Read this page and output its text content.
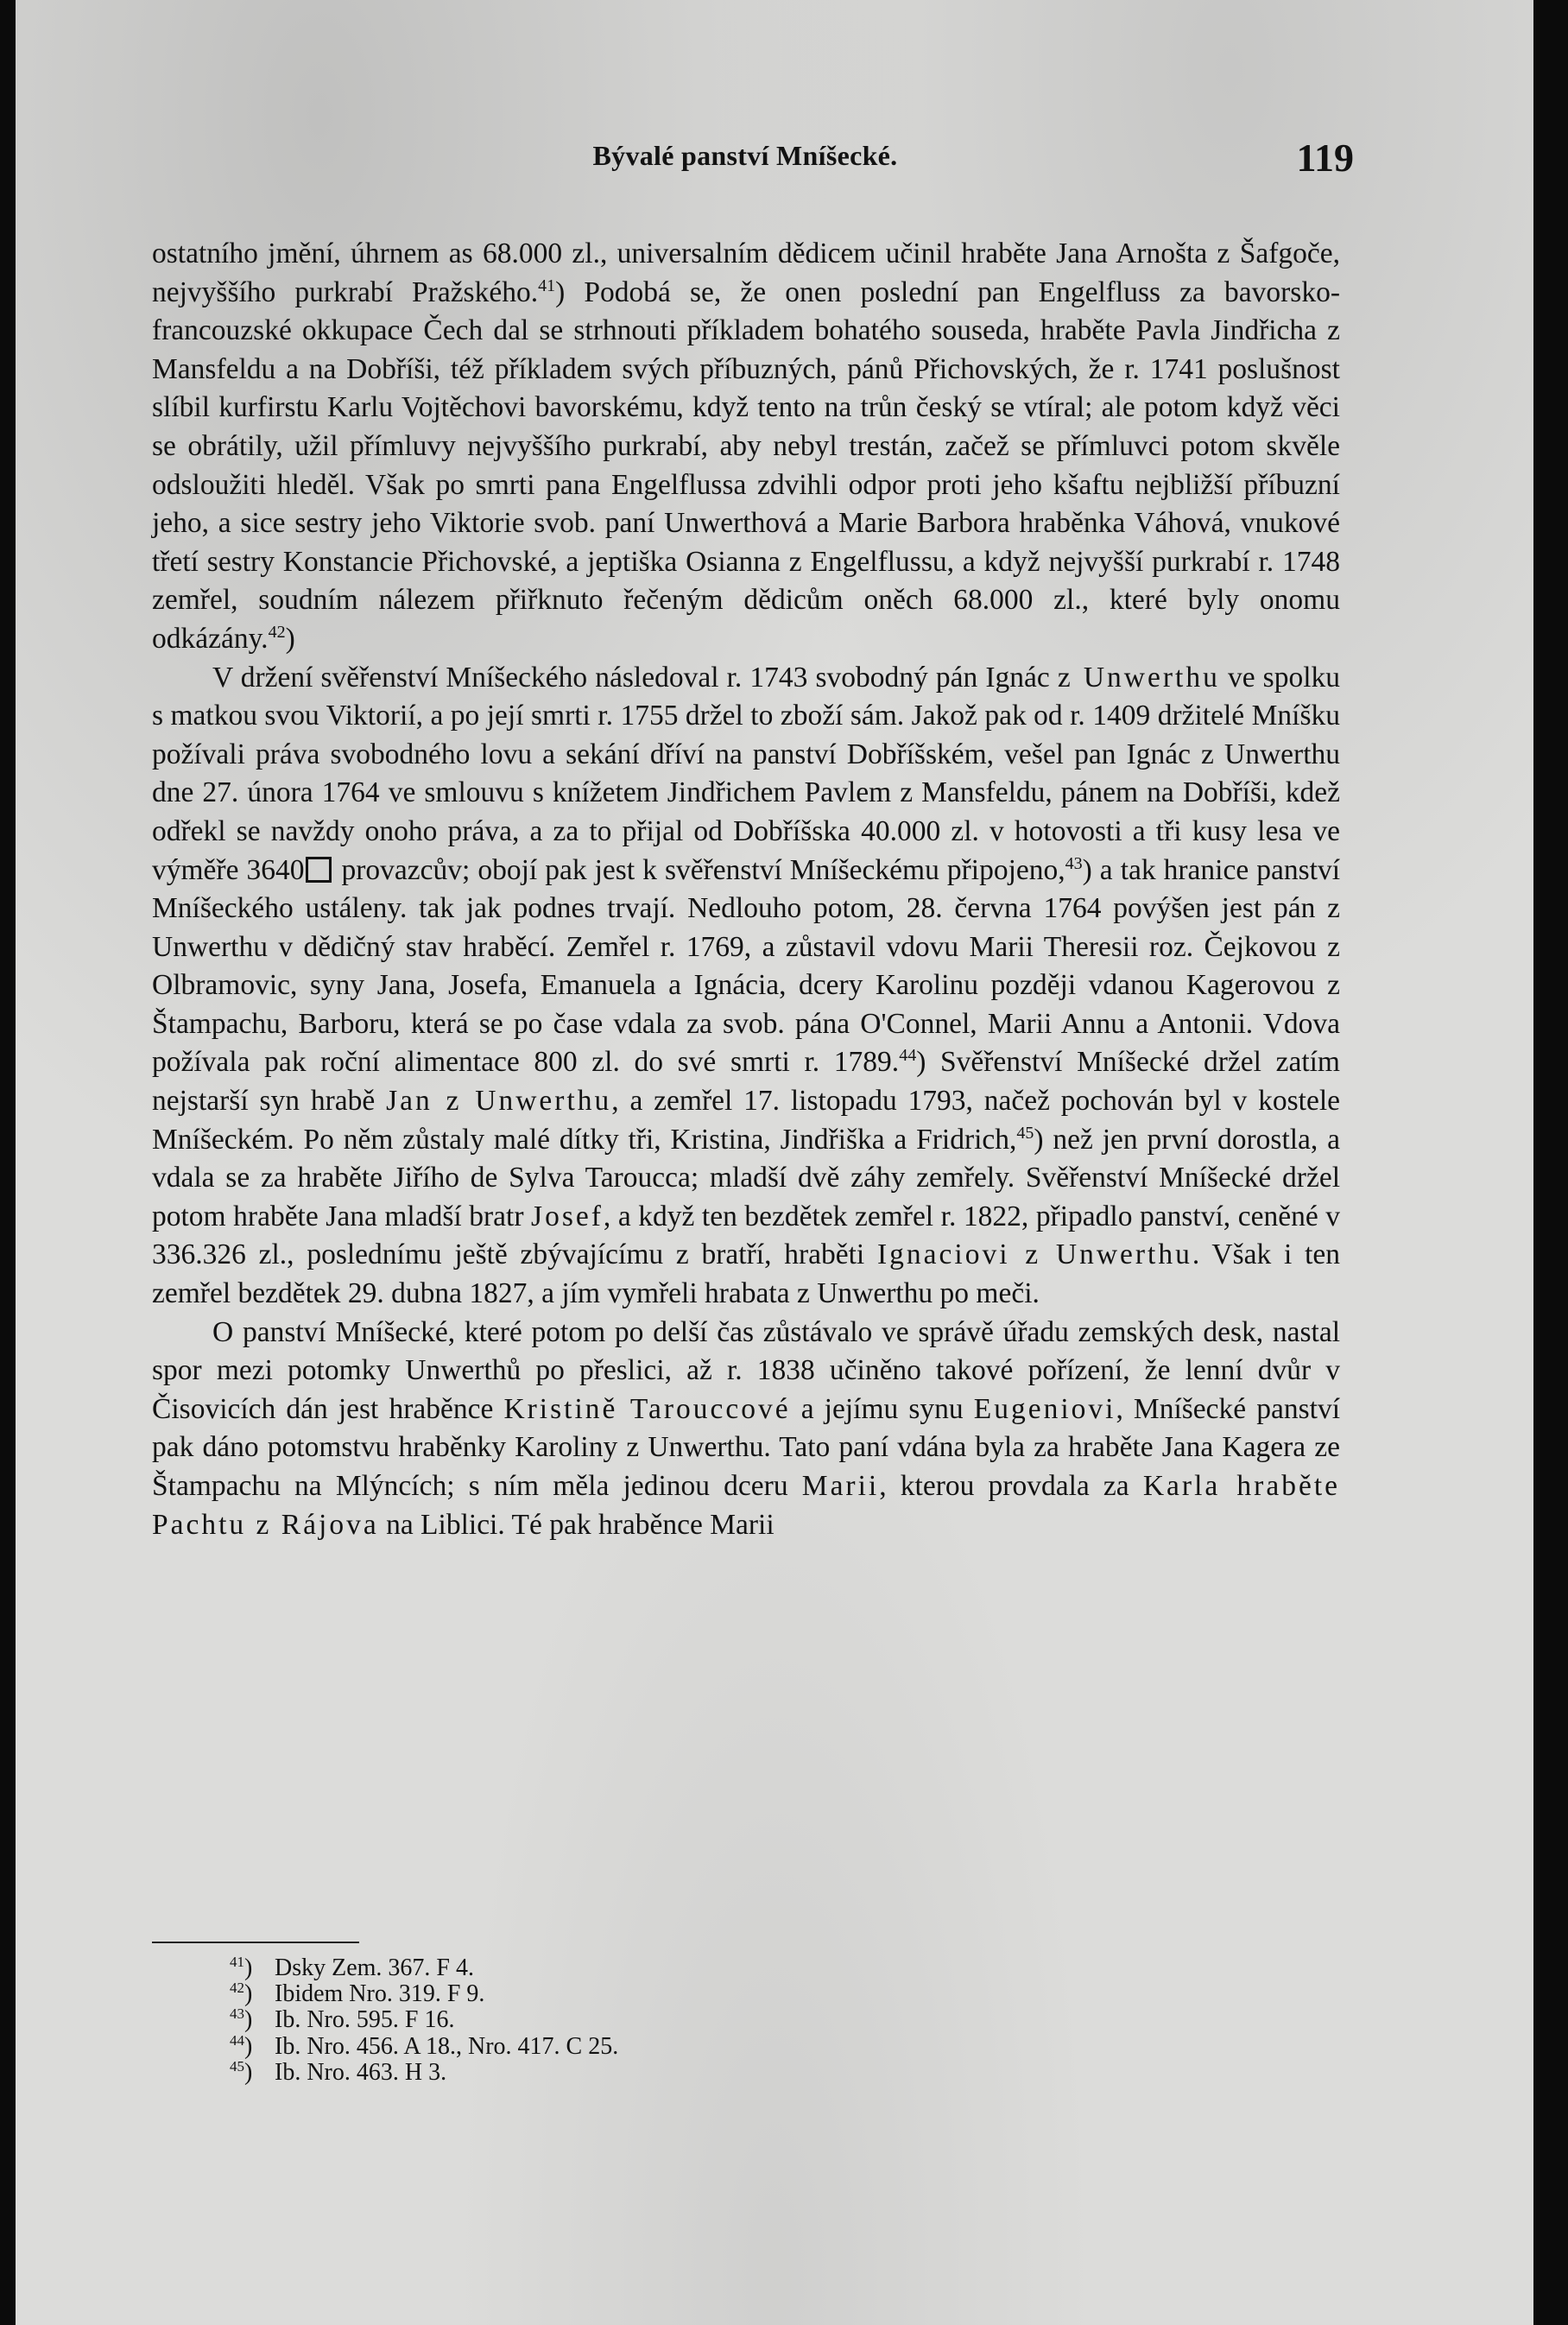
Bývalé panství Mníšecké.	119

ostatního jmění, úhrnem as 68.000 zl., universalním dědicem učinil hraběte Jana Arnošta z Šafgoče, nejvyššího purkrabí Pražského.$^{41}$) Podobá se, že onen poslední pan Engelfluss za bavorsko-francouzské okkupace Čech dal se strhnouti příkladem bohatého souseda, hraběte Pavla Jindřicha z Mansfeldu a na Dobříši, též příkladem svých příbuzných, pánů Přichovských, že r. 1741 poslušnost slíbil kurfirstu Karlu Vojtěchovi bavorskému, když tento na trůn český se vtíral; ale potom když věci se obrátily, užil přímluvy nejvyššího purkrabí, aby nebyl trestán, začež se přímluvci potom skvěle odsloužiti hleděl. Však po smrti pana Engelflussa zdvihli odpor proti jeho kšaftu nejbližší příbuzní jeho, a sice sestry jeho Viktorie svob. paní Unwerthová a Marie Barbora hraběnka Váhová, vnukové třetí sestry Konstancie Přichovské, a jeptiška Osianna z Engelflussu, a když nejvyšší purkrabí r. 1748 zemřel, soudním nálezem přiřknuto řečeným dědicům oněch 68.000 zl., které byly onomu odkázány.$^{42}$)

V držení svěřenství Mníšeckého následoval r. 1743 svobodný pán Ignác z Unwerthu ve spolku s matkou svou Viktorií, a po její smrti r. 1755 držel to zboží sám. Jakož pak od r. 1409 držitelé Mníšku požívali práva svobodného lovu a sekání dříví na panství Dobříšském, vešel pan Ignác z Unwerthu dne 27. února 1764 ve smlouvu s knížetem Jindřichem Pavlem z Mansfeldu, pánem na Dobříši, kdež odřekl se navždy onoho práva, a za to přijal od Dobříšska 40.000 zl. v hotovosti a tři kusy lesa ve výměře 3640 provazcův; obojí pak jest k svěřenství Mníšeckému připojeno,$^{43}$) a tak hranice panství Mníšeckého ustáleny. tak jak podnes trvají. Nedlouho potom, 28. června 1764 povýšen jest pán z Unwerthu v dědičný stav hraběcí. Zemřel r. 1769, a zůstavil vdovu Marii Theresii roz. Čejkovou z Olbramovic, syny Jana, Josefa, Emanuela a Ignácia, dcery Karolinu později vdanou Kagerovou z Štampachu, Barboru, která se po čase vdala za svob. pána O'Connel, Marii Annu a Antonii. Vdova požívala pak roční alimentace 800 zl. do své smrti r. 1789.44) Svěřenství Mníšecké držel zatím nejstarší syn hrabě Jan z Unwerthu, a zemřel 17. listopadu 1793, načež pochován byl v kostele Mníšeckém. Po něm zůstaly malé dítky tři, Kristina, Jindřiška a Fridrich,$^{45}$) než jen první dorostla, a vdala se za hraběte Jiřího de Sylva Taroucca; mladší dvě záhy zemřely. Svěřenství Mníšecké držel potom hraběte Jana mladší bratr Josef, a když ten bezdětek zemřel r. 1822, připadlo panství, ceněné v 336.326 zl., poslednímu ještě zbývajícímu z bratří, hraběti Ignaciovi z Unwerthu. Však i ten zemřel bezdětek 29. dubna 1827, a jím vymřeli hrabata z Unwerthu po meči.

O panství Mníšecké, které potom po delší čas zůstávalo ve správě úřadu zemských desk, nastal spor mezi potomky Unwerthů po přeslici, až r. 1838 učiněno takové pořízení, že lenní dvůr v Čisovicích dán jest hraběnce Kristině Tarouccové a jejímu synu Eugeniovi, Mníšecké panství pak dáno potomstvu hraběnky Karoliny z Unwerthu. Tato paní vdána byla za hraběte Jana Kagera ze Štampachu na Mlýncích; s ním měla jedinou dceru Marii, kterou provdala za Karla hraběte Pachtu z Rájova na Liblici. Té pak hraběnce Marii

$^{41}$) Dsky Zem. 367. F 4.
$^{42}$) Ibidem Nro. 319. F 9.
$^{43}$) Ib. Nro. 595. F 16.
$^{44}$) Ib. Nro. 456. A 18., Nro. 417. C 25.
$^{45}$) Ib. Nro. 463. H 3.
